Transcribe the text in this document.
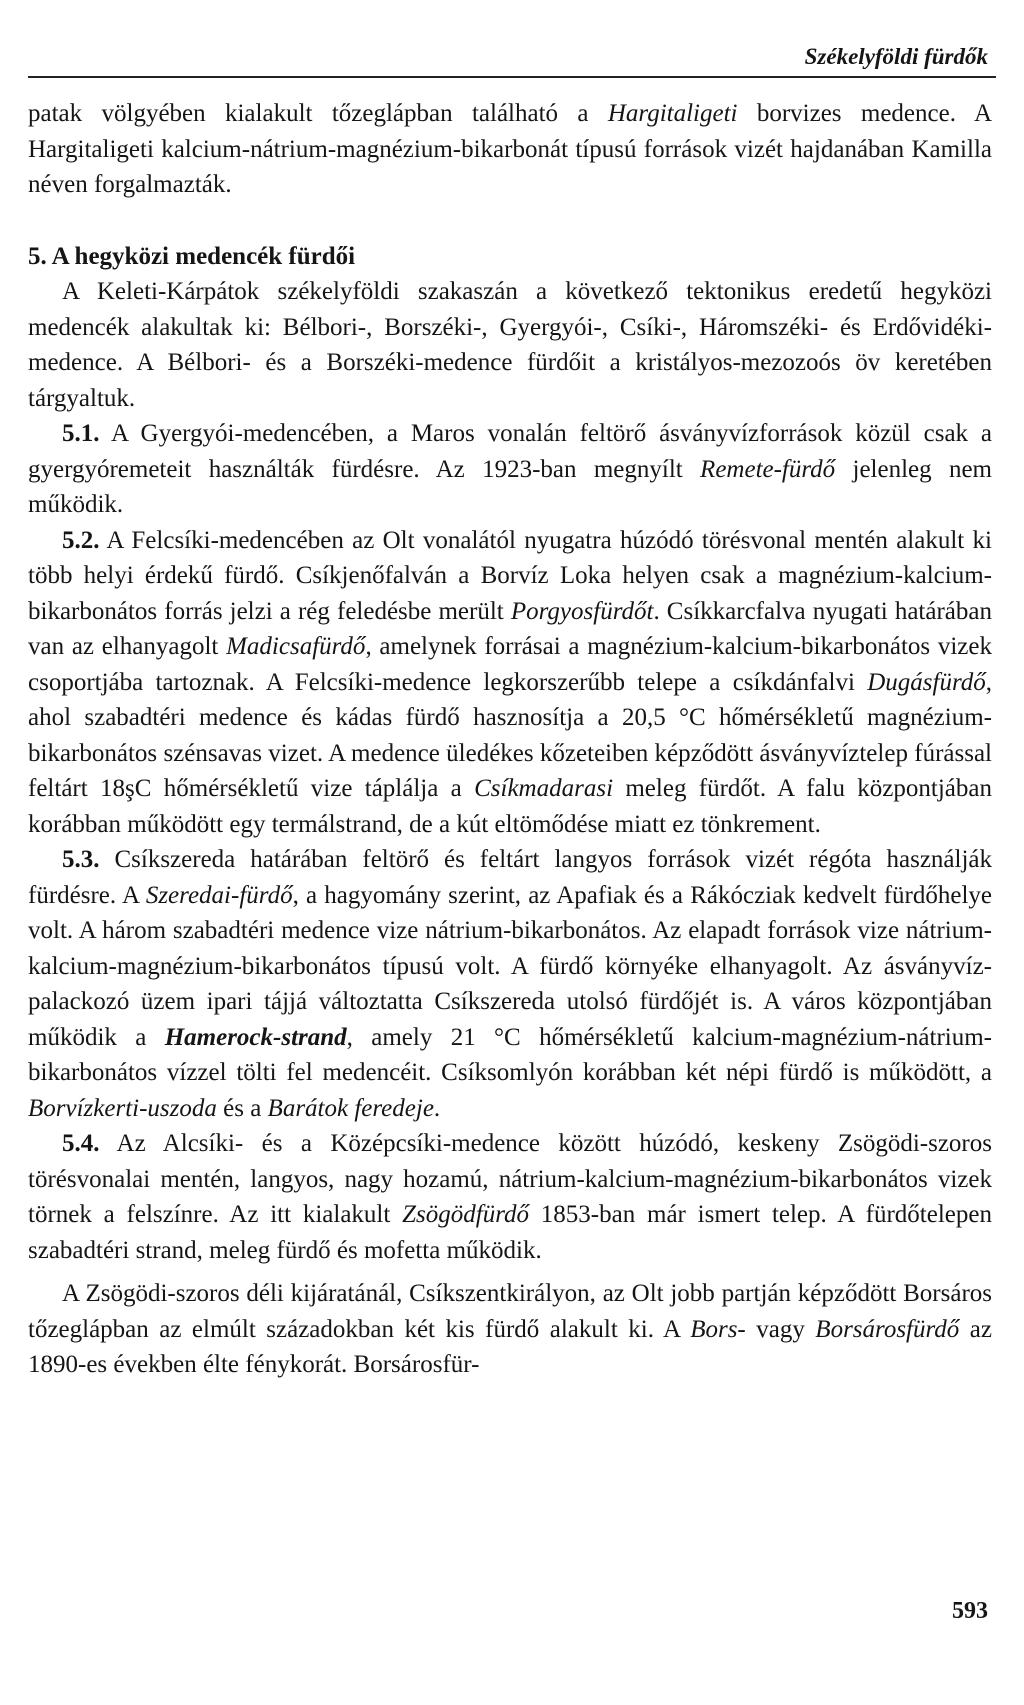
Székelyföldi fürdők

patak völgyében kialakult tőzeglápban található a Hargitaligeti borvizes medence. A Hargitaligeti kalcium-nátrium-magnézium-bikarbonát típusú források vizét hajdanában Kamilla néven forgalmazták.

5. A hegyközi medencék fürdői

A Keleti-Kárpátok székelyföldi szakaszán a következő tektonikus eredetű hegyközi medencék alakultak ki: Bélbori-, Borszéki-, Gyergyói-, Csíki-, Háromszéki- és Erdővidéki-medence. A Bélbori- és a Borszéki-medence fürdőit a kristályos-mezozoós öv keretében tárgyaltuk.

5.1. A Gyergyói-medencében, a Maros vonalán feltörő ásványvízforrások közül csak a gyergyóremeteit használták fürdésre. Az 1923-ban megnyílt Remete-fürdő jelenleg nem működik.

5.2. A Felcsíki-medencében az Olt vonalától nyugatra húzódó törésvonal mentén alakult ki több helyi érdekű fürdő. Csíkjenőfalván a Borvíz Loka helyen csak a magnézium-kalcium-bikarbonátos forrás jelzi a rég feledésbe merült Porgyosfürdőt. Csíkkarcfalva nyugati határában van az elhanyagolt Madicsafürdő, amelynek forrásai a magnézium-kalcium-bikarbonátos vizek csoportjába tartoznak. A Felcsíki-medence legkorszerűbb telepe a csíkdánfalvi Dugásfürdő, ahol szabadtéri medence és kádas fürdő hasznosítja a 20,5 °C hőmérsékletű magnézium-bikarbonátos szénsavas vizet. A medence üledékes kőzeteiben képződött ásványvíztelep fúrással feltárt 18şC hőmérsékletű vize táplálja a Csíkmadarasi meleg fürdőt. A falu központjában korábban működött egy termálstrand, de a kút eltömődése miatt ez tönkrement.

5.3. Csíkszereda határában feltörő és feltárt langyos források vizét régóta használják fürdésre. A Szeredai-fürdő, a hagyomány szerint, az Apafiak és a Rákócziak kedvelt fürdőhelye volt. A három szabadtéri medence vize nátrium-bikarbonátos. Az elapadt források vize nátrium-kalcium-magnézium-bikarbonátos típusú volt. A fürdő környéke elhanyagolt. Az ásványvíz-palackozó üzem ipari tájjá változtatta Csíkszereda utolsó fürdőjét is. A város központjában működik a Hamerock-strand, amely 21 °C hőmérsékletű kalcium-magnézium-nátrium-bikarbonátos vízzel tölti fel medencéit. Csíksomlyón korábban két népi fürdő is működött, a Borvízkerti-uszoda és a Barátok feredeje.

5.4. Az Alcsíki- és a Középcsíki-medence között húzódó, keskeny Zsögödi-szoros törésvonalai mentén, langyos, nagy hozamú, nátrium-kalcium-magnézium-bikarbonátos vizek törnek a felszínre. Az itt kialakult Zsögödfürdő 1853-ban már ismert telep. A fürdőtelepen szabadtéri strand, meleg fürdő és mofetta működik.

A Zsögödi-szoros déli kijáratánál, Csíkszentkirályon, az Olt jobb partján képződött Borsáros tőzeglápban az elmúlt századokban két kis fürdő alakult ki. A Bors- vagy Borsárosfürdő az 1890-es években élte fénykorát. Borsárosfür-

593
